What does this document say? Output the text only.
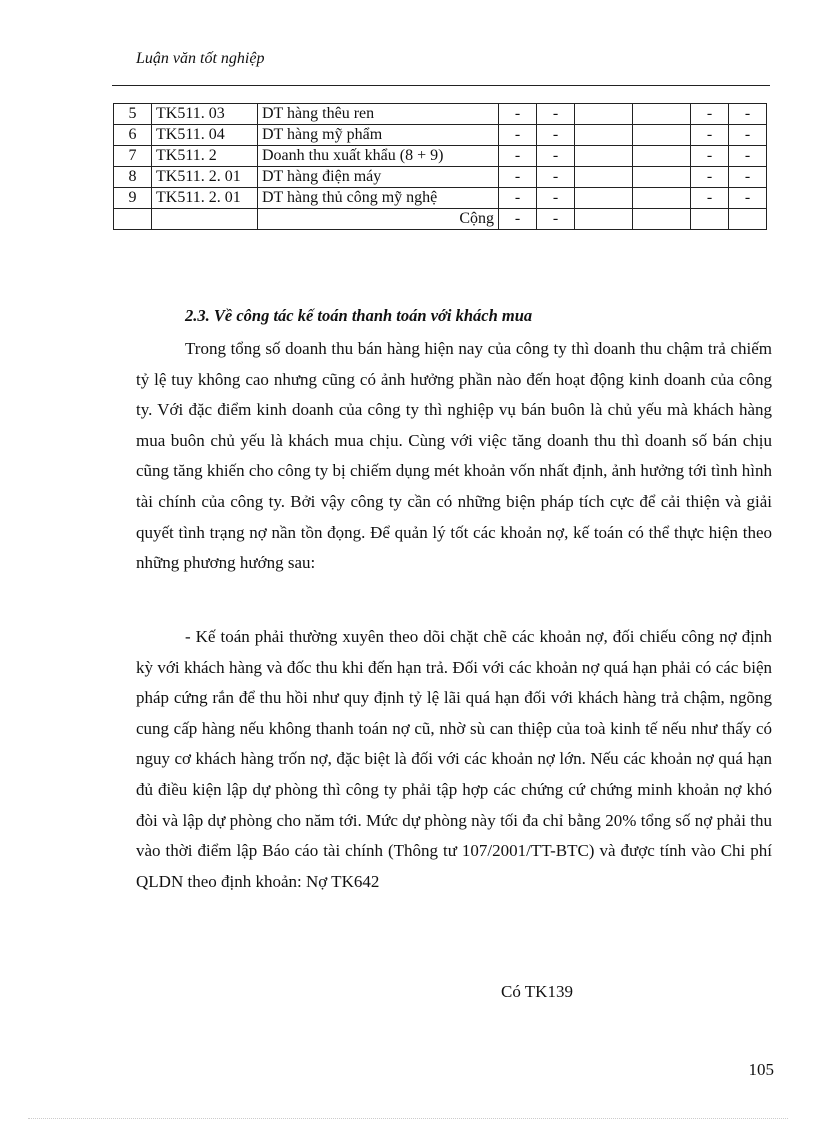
Luận văn tốt nghiệp
5	TK511. 03	DT hàng thêu ren	-	-			-	-
6	TK511. 04	DT hàng mỹ phẩm	-	-			-	-
7	TK511. 2	Doanh thu xuất khẩu (8 + 9)	-	-			-	-
8	TK511. 2. 01	DT hàng điện máy	-	-			-	-
9	TK511. 2. 01	DT hàng thủ công mỹ nghệ	-	-			-	-
		Cộng	-	-				
2.3. Về công tác kế toán thanh toán với khách mua

Trong tổng số doanh thu bán hàng hiện nay của công ty thì doanh thu chậm trả chiếm tỷ lệ tuy không cao nhưng cũng có ảnh hưởng phần nào đến hoạt động kinh doanh của công ty. Với đặc điểm kinh doanh của công ty thì nghiệp vụ bán buôn là chủ yếu mà khách hàng mua buôn chủ yếu là khách mua chịu. Cùng với việc tăng doanh thu thì doanh số bán chịu cũng tăng khiến cho công ty bị chiếm dụng mét khoản vốn nhất định, ảnh hưởng tới tình hình tài chính của công ty. Bởi vậy công ty cần có những biện pháp tích cực để cải thiện và giải quyết tình trạng nợ nần tồn đọng. Để quản lý tốt các khoản nợ, kế toán có thể thực hiện theo những phương hướng sau:

- Kế toán phải thường xuyên theo dõi chặt chẽ các khoản nợ, đối chiếu công nợ định kỳ với khách hàng và đốc thu khi đến hạn trả. Đối với các khoản nợ quá hạn phải có các biện pháp cứng rắn để thu hồi như quy định tỷ lệ lãi quá hạn đối với khách hàng trả chậm, ngõng cung cấp hàng nếu không thanh toán nợ cũ, nhờ sù can thiệp của toà kinh tế nếu như thấy có nguy cơ khách hàng trốn nợ, đặc biệt là đối với các khoản nợ lớn. Nếu các khoản nợ quá hạn đủ điều kiện lập dự phòng thì công ty phải tập hợp các chứng cứ chứng minh khoản nợ khó đòi và lập dự phòng cho năm tới. Mức dự phòng này tối đa chỉ bằng 20% tổng số nợ phải thu vào thời điểm lập Báo cáo tài chính (Thông tư 107/2001/TT-BTC) và được tính vào Chi phí QLDN theo định khoản: Nợ TK642

Có TK139
105
